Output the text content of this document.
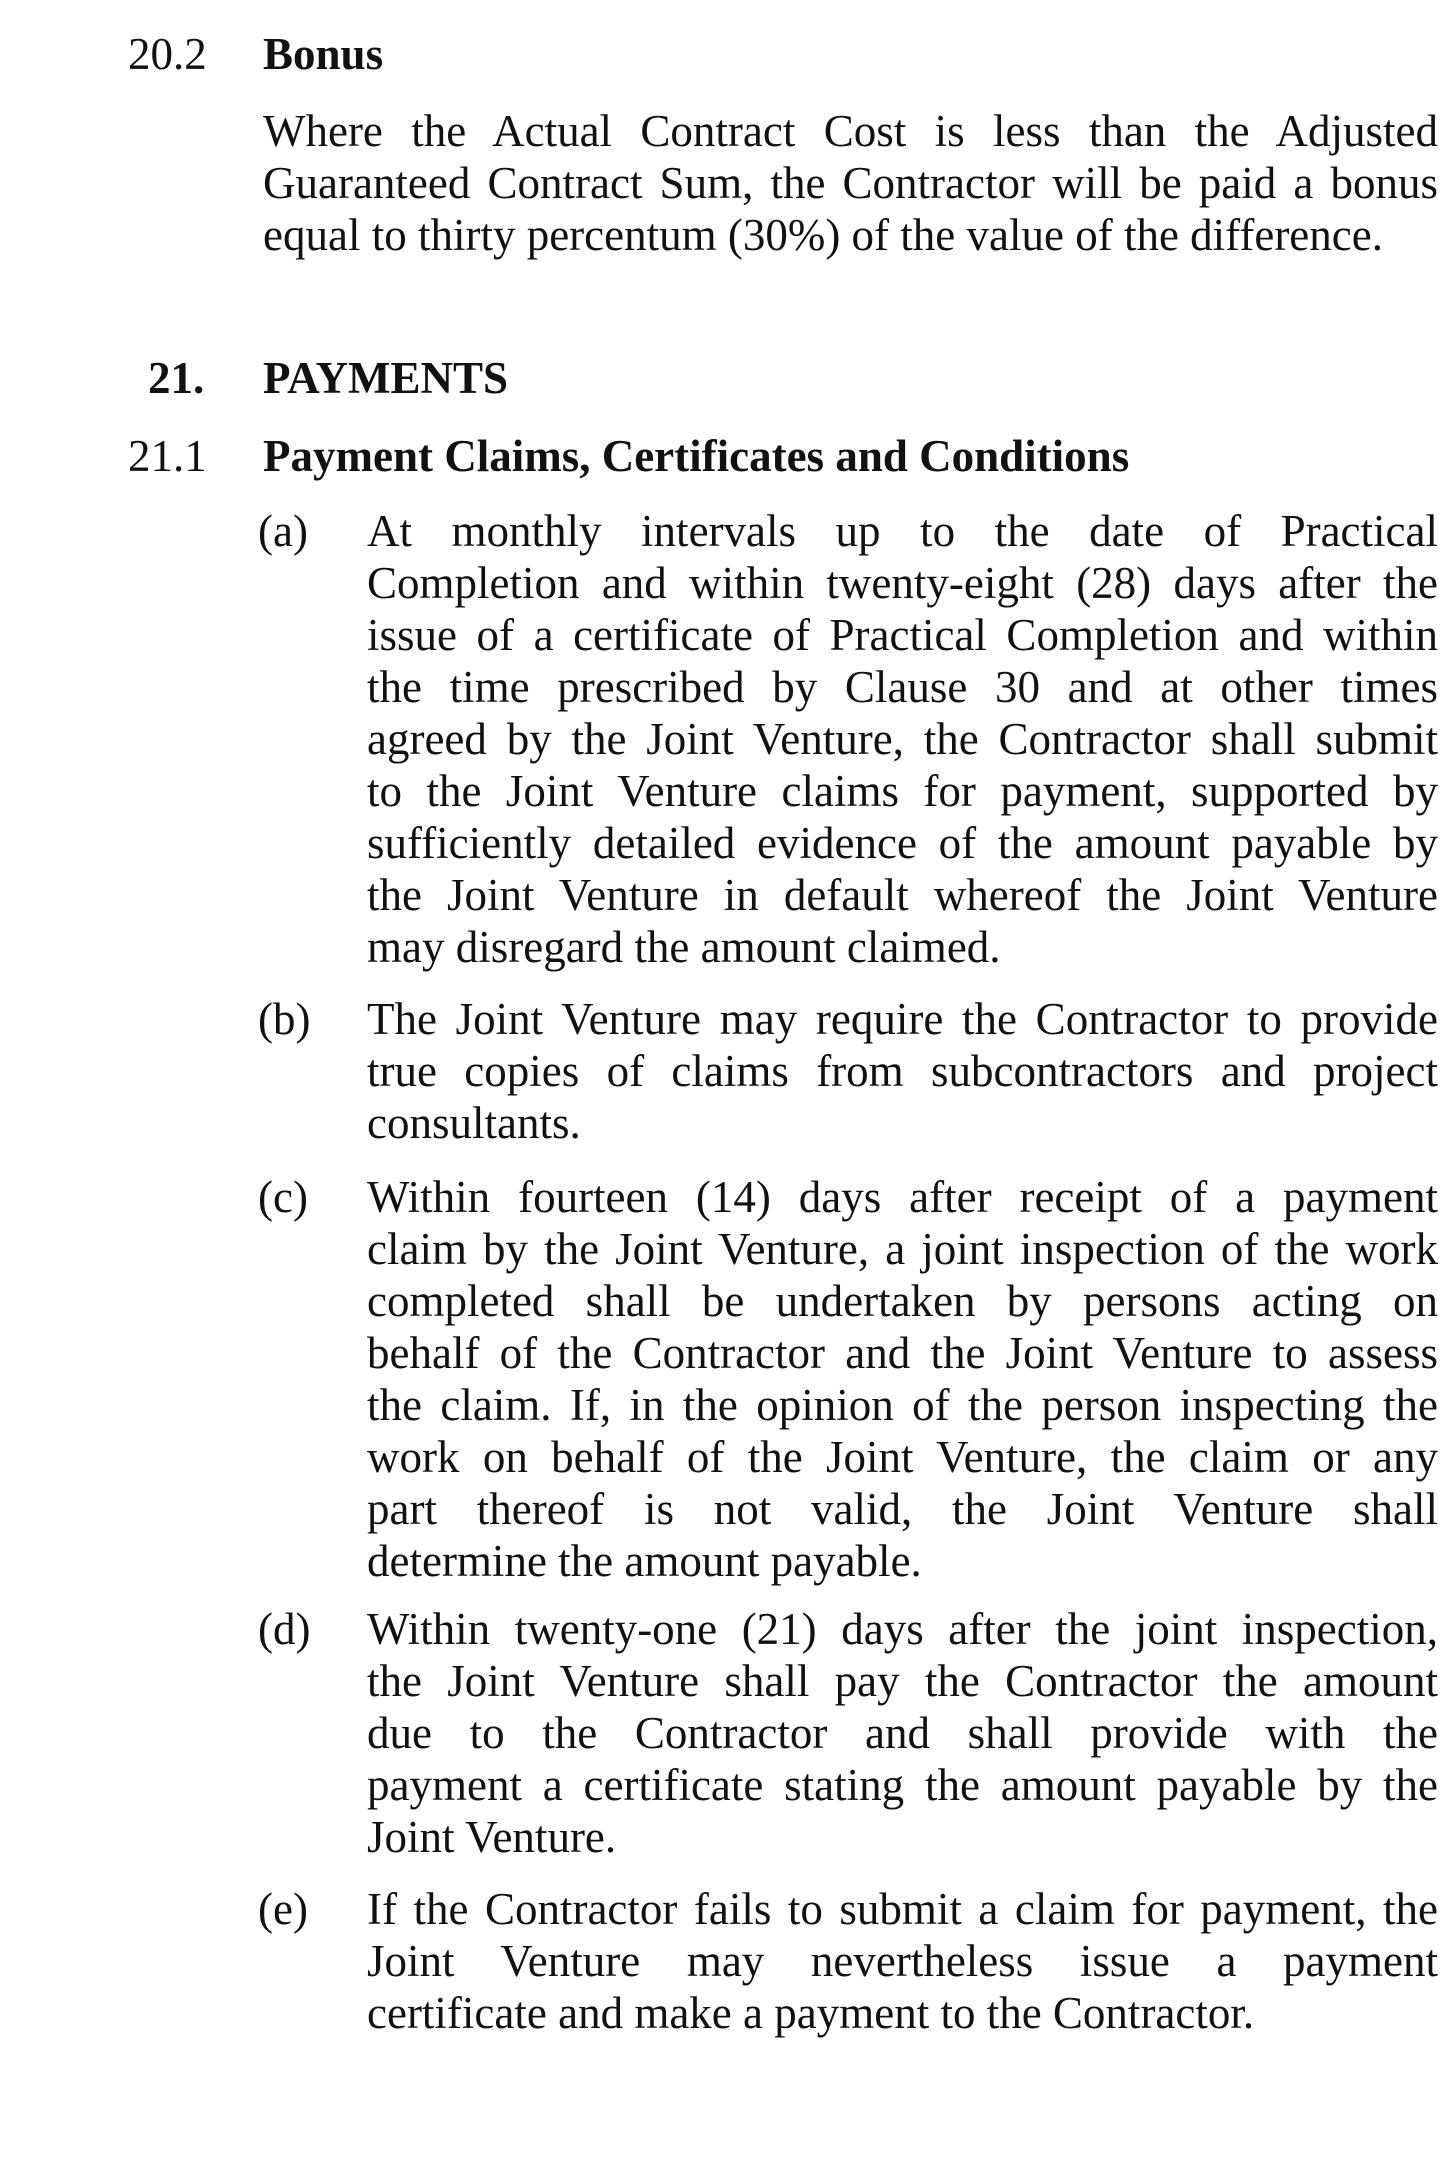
20.2 Bonus
Where the Actual Contract Cost is less than the Adjusted
Guaranteed Contract Sum, the Contractor will be paid a bonus
equal to thirty percentum (30%) of the value of the difference.
21. PAYMENTS
21.1 Payment Claims, Certificates and Conditions
(a) At monthly intervals up to the date of Practical
Completion and within twenty-eight (28) days after the
issue of a certificate of Practical Completion and within
the time prescribed by Clause 30 and at other times
agreed by the Joint Venture, the Contractor shall submit
to the Joint Venture claims for payment, supported by
sufficiently detailed evidence of the amount payable by
the Joint Venture in default whereof the Joint Venture
may disregard the amount claimed.
(b) The Joint Venture may require the Contractor to provide
true copies of claims from subcontractors and project
consultants.
(c) Within fourteen (14) days after receipt of a payment
claim by the Joint Venture, a joint inspection of the work
completed shall be undertaken by persons acting on
behalf of the Contractor and the Joint Venture to assess
the claim. If, in the opinion of the person inspecting the
work on behalf of the Joint Venture, the claim or any
part thereof is not valid, the Joint Venture shall
determine the amount payable.
(d) Within twenty-one (21) days after the joint inspection,
the Joint Venture shall pay the Contractor the amount
due to the Contractor and shall provide with the
payment a certificate stating the amount payable by the
Joint Venture.
(e) If the Contractor fails to submit a claim for payment, the
Joint Venture may nevertheless issue a payment
certificate and make a payment to the Contractor.
